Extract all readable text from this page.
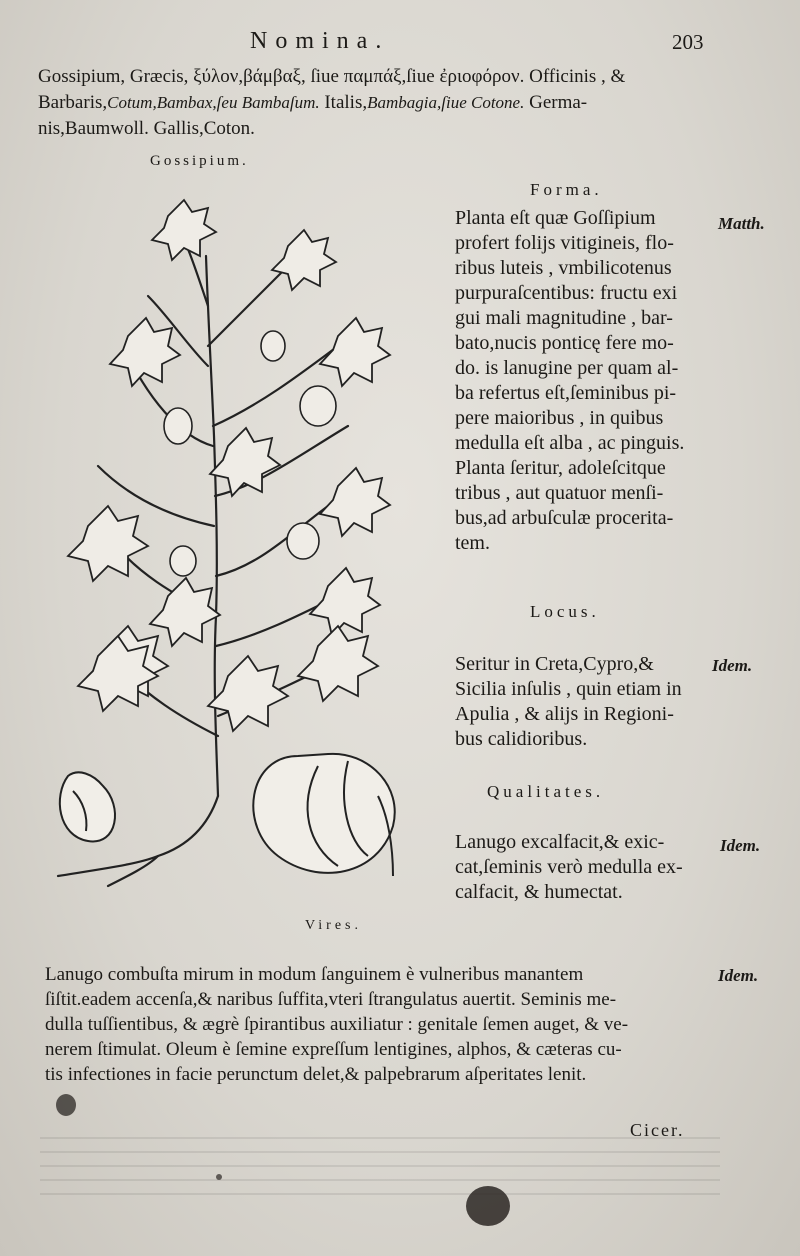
Nomina.	203
Gossipium, Græcis, ξύλον,βάμβαξ, ſiue παμπάξ,ſiue ἐριοφόρον. Officinis , &
Barbaris,Cotum,Bambax,ſeu Bambaſum. Italis,Bambagia,ſiue Cotone. Germa-
nis,Baumwoll. Gallis,Coton.
Gossipium.
Forma.
Planta eſt quæ Goſſipium
profert folijs vitigineis, flo-
ribus luteis , vmbilicotenus
purpuraſcentibus: fructu exi
gui mali magnitudine , bar-
bato,nucis ponticę fere mo-
do. is lanugine per quam al-
ba refertus eſt,ſeminibus pi-
pere maioribus , in quibus
medulla eſt alba , ac pinguis.
Planta ſeritur, adoleſcitque
tribus , aut quatuor menſi-
bus,ad arbuſculæ procerita-
tem.
Matth.
Locus.
Seritur in Creta,Cypro,&
Sicilia inſulis , quin etiam in
Apulia , & alijs in Regioni-
bus calidioribus.
Idem.
Qualitates.
Lanugo excalfacit,& exic-
cat,ſeminis verò medulla ex-
calfacit, & humectat.
Idem.
Vires.
Lanugo combuſta mirum in modum ſanguinem è vulneribus manantem
ſiſtit.eadem accenſa,& naribus ſuffita,vteri ſtrangulatus auertit. Seminis me-
dulla tuſſientibus, & ægrè ſpirantibus auxiliatur : genitale ſemen auget, & ve-
nerem ſtimulat. Oleum è ſemine expreſſum lentigines, alphos, & cæteras cu-
tis infectiones in facie perunctum delet,& palpebrarum aſperitates lenit.
Idem.
Cicer.
